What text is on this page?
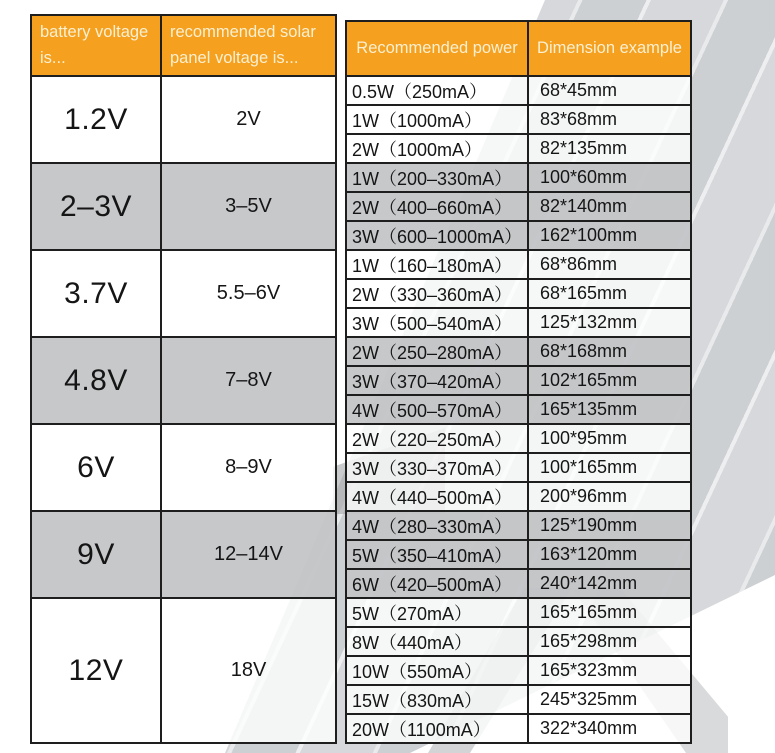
battery voltage is...
recommended solar panel voltage is...
1.2V	2V
2–3V	3–5V
3.7V	5.5–6V
4.8V	7–8V
6V	8–9V
9V	12–14V
12V	18V
Recommended power	Dimension example
0.5W（250mA）	68*45mm
1W（1000mA）	83*68mm
2W（1000mA）	82*135mm
1W（200–330mA）	100*60mm
2W（400–660mA）	82*140mm
3W（600–1000mA） 162*100mm
1W（160–180mA）	68*86mm
2W（330–360mA）	68*165mm
3W（500–540mA）	125*132mm
2W（250–280mA）	68*168mm
3W（370–420mA）	102*165mm
4W（500–570mA）	165*135mm
2W（220–250mA）	100*95mm
3W（330–370mA）	100*165mm
4W（440–500mA）	200*96mm
4W（280–330mA）	125*190mm
5W（350–410mA）	163*120mm
6W（420–500mA）	240*142mm
5W（270mA）	165*165mm
8W（440mA）	165*298mm
10W（550mA）	165*323mm
15W（830mA）	245*325mm
20W（1100mA）	322*340mm
